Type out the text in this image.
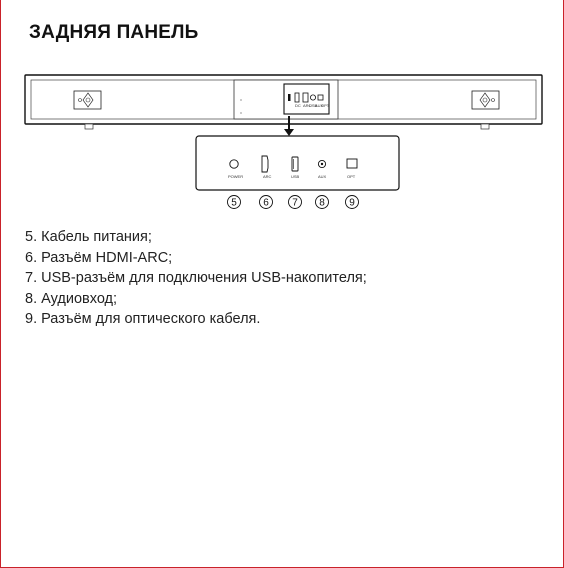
ЗАДНЯЯ ПАНЕЛЬ
DC ARC
USB
AUX
OPT
POWER	ARC	USB	AUX	OPT
5	6 7 8 9
5. Кабель питания;
6. Разъём HDMI-ARC;
7. USB-разъём для подключения USB-накопителя;
8. Аудиовход;
9. Разъём для оптического кабеля.
